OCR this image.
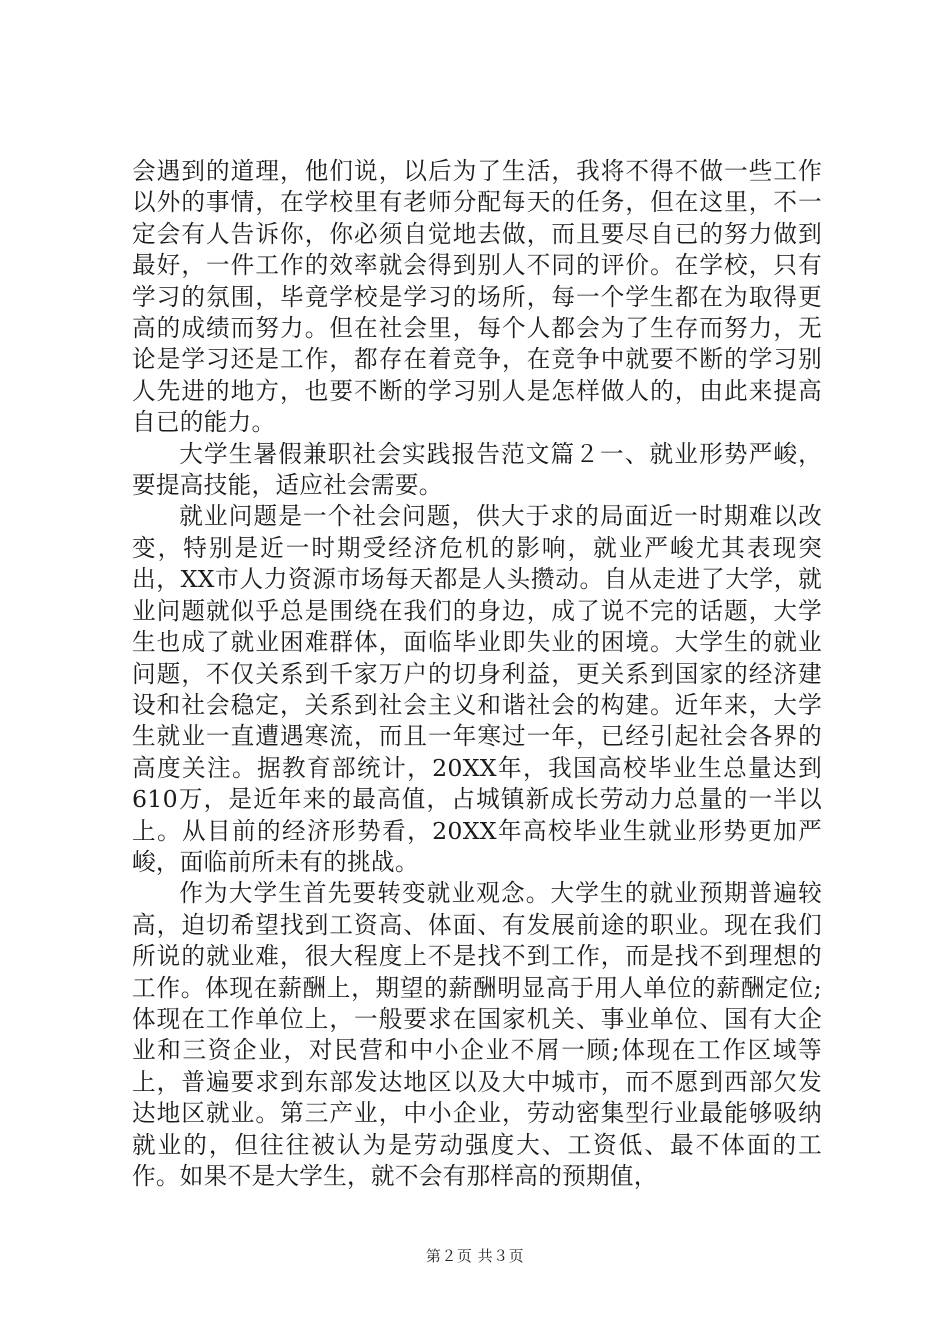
会遇到的道理，他们说，以后为了生活，我将不得不做一些工作以外的事情，在学校里有老师分配每天的任务，但在这里，不一定会有人告诉你，你必须自觉地去做，而且要尽自已的努力做到最好，一件工作的效率就会得到别人不同的评价。在学校，只有学习的氛围，毕竟学校是学习的场所，每一个学生都在为取得更高的成绩而努力。但在社会里，每个人都会为了生存而努力，无论是学习还是工作，都存在着竞争，在竞争中就要不断的学习别人先进的地方，也要不断的学习别人是怎样做人的，由此来提高自已的能力。

大学生暑假兼职社会实践报告范文篇２一、就业形势严峻，要提高技能，适应社会需要。

就业问题是一个社会问题，供大于求的局面近一时期难以改变，特别是近一时期受经济危机的影响，就业严峻尤其表现突出，XX市人力资源市场每天都是人头攒动。自从走进了大学，就业问题就似乎总是围绕在我们的身边，成了说不完的话题，大学生也成了就业困难群体，面临毕业即失业的困境。大学生的就业问题，不仅关系到千家万户的切身利益，更关系到国家的经济建设和社会稳定，关系到社会主义和谐社会的构建。近年来，大学生就业一直遭遇寒流，而且一年寒过一年，已经引起社会各界的高度关注。据教育部统计，20XX年，我国高校毕业生总量达到610万，是近年来的最高值，占城镇新成长劳动力总量的一半以上。从目前的经济形势看，20XX年高校毕业生就业形势更加严峻，面临前所未有的挑战。

作为大学生首先要转变就业观念。大学生的就业预期普遍较高，迫切希望找到工资高、体面、有发展前途的职业。现在我们所说的就业难，很大程度上不是找不到工作，而是找不到理想的工作。体现在薪酬上，期望的薪酬明显高于用人单位的薪酬定位;体现在工作单位上，一般要求在国家机关、事业单位、国有大企业和三资企业，对民营和中小企业不屑一顾;体现在工作区域等上，普遍要求到东部发达地区以及大中城市，而不愿到西部欠发达地区就业。第三产业，中小企业，劳动密集型行业最能够吸纳就业的，但往往被认为是劳动强度大、工资低、最不体面的工作。如果不是大学生，就不会有那样高的预期值，

第２页 共３页
